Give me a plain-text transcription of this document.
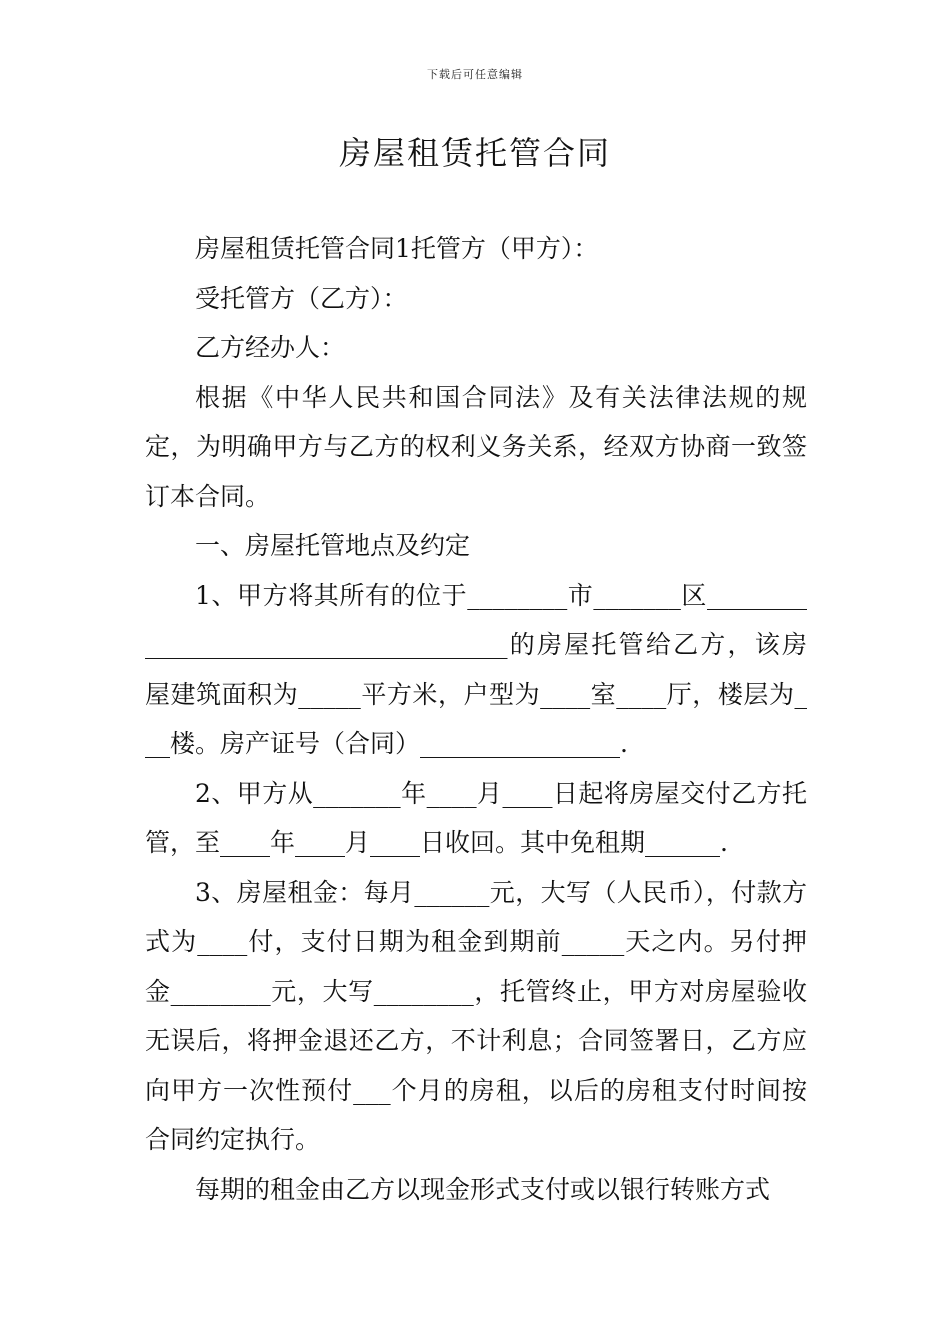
下载后可任意编辑
房屋租赁托管合同

房屋租赁托管合同1托管方（甲方）：

受托管方（乙方）：

乙方经办人：

根据《中华人民共和国合同法》及有关法律法规的规定，为明确甲方与乙方的权利义务关系，经双方协商一致签订本合同。

一、房屋托管地点及约定

1、甲方将其所有的位于________市_______区_____________________________________的房屋托管给乙方，该房屋建筑面积为_____平方米，户型为____室____厅，楼层为___楼。房产证号（合同）________________.

2、甲方从_______年____月____日起将房屋交付乙方托管，至____年____月____日收回。其中免租期______.

3、房屋租金：每月______元，大写（人民币），付款方式为____付，支付日期为租金到期前_____天之内。另付押金________元，大写________，托管终止，甲方对房屋验收无误后，将押金退还乙方，不计利息；合同签署日，乙方应向甲方一次性预付___个月的房租，以后的房租支付时间按合同约定执行。

每期的租金由乙方以现金形式支付或以银行转账方式
